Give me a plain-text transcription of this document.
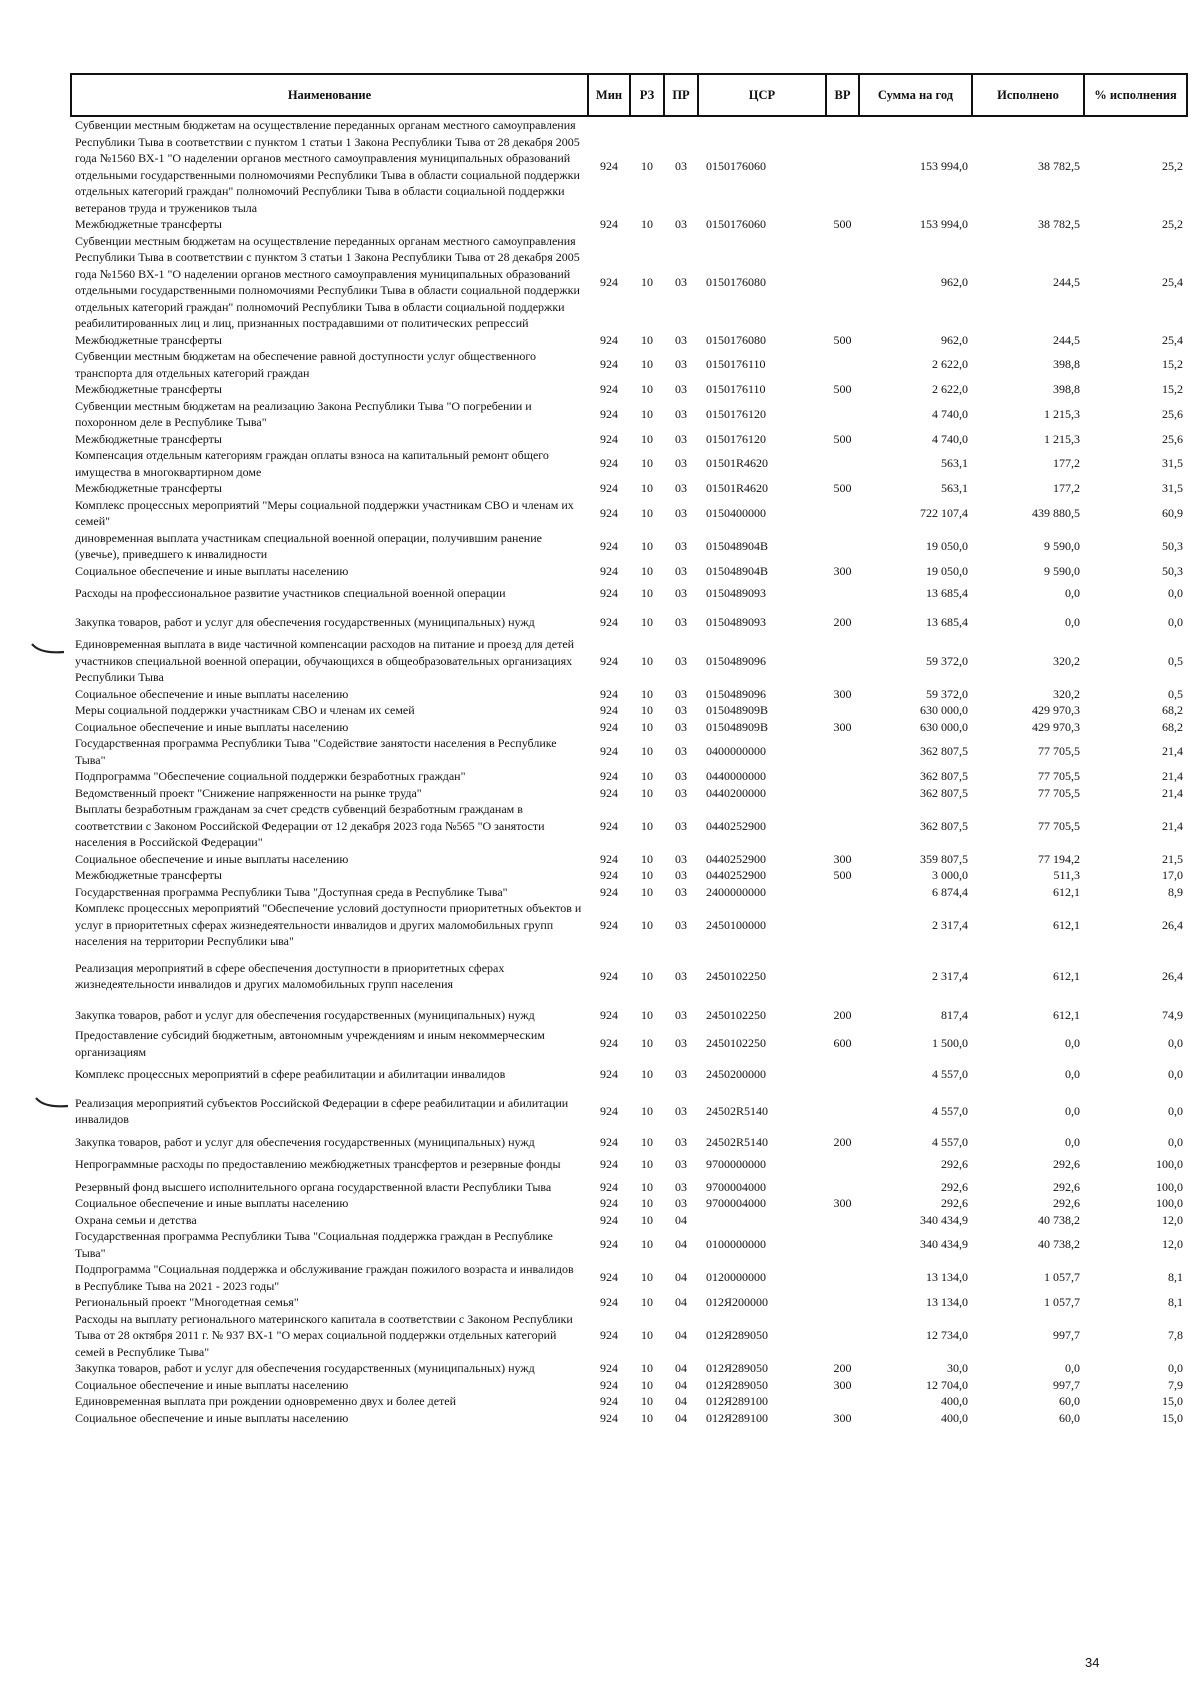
Наименование	Мин	РЗ	ПР	ЦСР	ВР	Сумма на год	Исполнено	% исполнения
Субвенции местным бюджетам на осуществление переданных органам местного самоуправления Республики Тыва в соответствии с пунктом 1 статьи 1 Закона Республики Тыва от 28 декабря 2005 года №1560 ВХ-1 "О наделении органов местного самоуправления муниципальных образований отдельными государственными полномочиями Республики Тыва в области социальной поддержки отдельных категорий граждан" полномочий Республики Тыва в области социальной поддержки ветеранов труда и тружеников тыла	924	10	03	0150176060		153 994,0	38 782,5	25,2
Межбюджетные трансферты	924	10	03	0150176060	500	153 994,0	38 782,5	25,2
Субвенции местным бюджетам на осуществление переданных органам местного самоуправления Республики Тыва в соответствии с пунктом 3 статьи 1 Закона Республики Тыва от 28 декабря 2005 года №1560 ВХ-1 "О наделении органов местного самоуправления муниципальных образований отдельными государственными полномочиями Республики Тыва в области социальной поддержки отдельных категорий граждан" полномочий Республики Тыва в области социальной поддержки реабилитированных лиц и лиц, признанных пострадавшими от политических репрессий	924	10	03	0150176080		962,0	244,5	25,4
Межбюджетные трансферты	924	10	03	0150176080	500	962,0	244,5	25,4
Субвенции местным бюджетам на обеспечение равной доступности услуг общественного транспорта для отдельных категорий граждан	924	10	03	0150176110		2 622,0	398,8	15,2
Межбюджетные трансферты	924	10	03	0150176110	500	2 622,0	398,8	15,2
Субвенции местным бюджетам на реализацию Закона Республики Тыва "О погребении и похоронном деле в Республике Тыва"	924	10	03	0150176120		4 740,0	1 215,3	25,6
Межбюджетные трансферты	924	10	03	0150176120	500	4 740,0	1 215,3	25,6
Компенсация отдельным категориям граждан оплаты взноса на капитальный ремонт общего имущества в многоквартирном доме	924	10	03	01501R4620		563,1	177,2	31,5
Межбюджетные трансферты	924	10	03	01501R4620	500	563,1	177,2	31,5
Комплекс процессных мероприятий "Меры социальной поддержки участникам СВО и членам их семей"	924	10	03	0150400000		722 107,4	439 880,5	60,9
диновременная выплата участникам специальной военной операции, получившим ранение (увечье), приведшего к инвалидности	924	10	03	015048904B		19 050,0	9 590,0	50,3
Социальное обеспечение и иные выплаты населению	924	10	03	015048904B	300	19 050,0	9 590,0	50,3
Расходы на профессиональное развитие участников специальной военной операции	924	10	03	0150489093		13 685,4	0,0	0,0
Закупка товаров, работ и услуг для обеспечения государственных (муниципальных) нужд	924	10	03	0150489093	200	13 685,4	0,0	0,0
Единовременная выплата в виде частичной компенсации расходов на питание и проезд для детей участников специальной военной операции, обучающихся в общеобразовательных организациях Республики Тыва	924	10	03	0150489096		59 372,0	320,2	0,5
Социальное обеспечение и иные выплаты населению	924	10	03	0150489096	300	59 372,0	320,2	0,5
Меры социальной поддержки участникам СВО и членам их семей	924	10	03	015048909B		630 000,0	429 970,3	68,2
Социальное обеспечение и иные выплаты населению	924	10	03	015048909B	300	630 000,0	429 970,3	68,2
Государственная программа Республики Тыва "Содействие занятости населения в Республике Тыва"	924	10	03	0400000000		362 807,5	77 705,5	21,4
Подпрограмма "Обеспечение социальной поддержки безработных граждан"	924	10	03	0440000000		362 807,5	77 705,5	21,4
Ведомственный проект "Снижение напряженности на рынке труда"	924	10	03	0440200000		362 807,5	77 705,5	21,4
Выплаты безработным гражданам за счет средств субвенций безработным гражданам в соответствии с Законом Российской Федерации от 12 декабря 2023 года №565 "О занятости населения в Российской Федерации"	924	10	03	0440252900		362 807,5	77 705,5	21,4
Социальное обеспечение и иные выплаты населению	924	10	03	0440252900	300	359 807,5	77 194,2	21,5
Межбюджетные трансферты	924	10	03	0440252900	500	3 000,0	511,3	17,0
Государственная программа Республики Тыва "Доступная среда в Республике Тыва"	924	10	03	2400000000		6 874,4	612,1	8,9
Комплекс процессных мероприятий "Обеспечение условий доступности приоритетных объектов и услуг в приоритетных сферах жизнедеятельности инвалидов и других маломобильных групп населения на территории Республики ыва"	924	10	03	2450100000		2 317,4	612,1	26,4
Реализация мероприятий в сфере обеспечения доступности в приоритетных сферах жизнедеятельности инвалидов и других маломобильных групп населения	924	10	03	2450102250		2 317,4	612,1	26,4
Закупка товаров, работ и услуг для обеспечения государственных (муниципальных) нужд	924	10	03	2450102250	200	817,4	612,1	74,9
Предоставление субсидий бюджетным, автономным учреждениям и иным некоммерческим организациям	924	10	03	2450102250	600	1 500,0	0,0	0,0
Комплекс процессных мероприятий в сфере реабилитации и абилитации инвалидов	924	10	03	2450200000		4 557,0	0,0	0,0
Реализация мероприятий субъектов Российской Федерации в сфере реабилитации и абилитации инвалидов	924	10	03	24502R5140		4 557,0	0,0	0,0
Закупка товаров, работ и услуг для обеспечения государственных (муниципальных) нужд	924	10	03	24502R5140	200	4 557,0	0,0	0,0
Непрограммные расходы по предоставлению межбюджетных трансфертов и резервные фонды	924	10	03	9700000000		292,6	292,6	100,0
Резервный фонд высшего исполнительного органа государственной власти Республики Тыва	924	10	03	9700004000		292,6	292,6	100,0
Социальное обеспечение и иные выплаты населению	924	10	03	9700004000	300	292,6	292,6	100,0
Охрана семьи и детства	924	10	04			340 434,9	40 738,2	12,0
Государственная программа Республики Тыва "Социальная поддержка граждан в Республике Тыва"	924	10	04	0100000000		340 434,9	40 738,2	12,0
Подпрограмма "Социальная поддержка и обслуживание граждан пожилого возраста и инвалидов в Республике Тыва на 2021 - 2023 годы"	924	10	04	0120000000		13 134,0	1 057,7	8,1
Региональный проект "Многодетная семья"	924	10	04	012Я200000		13 134,0	1 057,7	8,1
Расходы на выплату регионального материнского капитала в соответствии с Законом Республики Тыва от 28 октября 2011 г. № 937 ВХ-1 "О мерах социальной поддержки отдельных категорий семей в Республике Тыва"	924	10	04	012Я289050		12 734,0	997,7	7,8
Закупка товаров, работ и услуг для обеспечения государственных (муниципальных) нужд	924	10	04	012Я289050	200	30,0	0,0	0,0
Социальное обеспечение и иные выплаты населению	924	10	04	012Я289050	300	12 704,0	997,7	7,9
Единовременная выплата при рождении одновременно двух и более детей	924	10	04	012Я289100		400,0	60,0	15,0
Социальное обеспечение и иные выплаты населению	924	10	04	012Я289100	300	400,0	60,0	15,0
34
